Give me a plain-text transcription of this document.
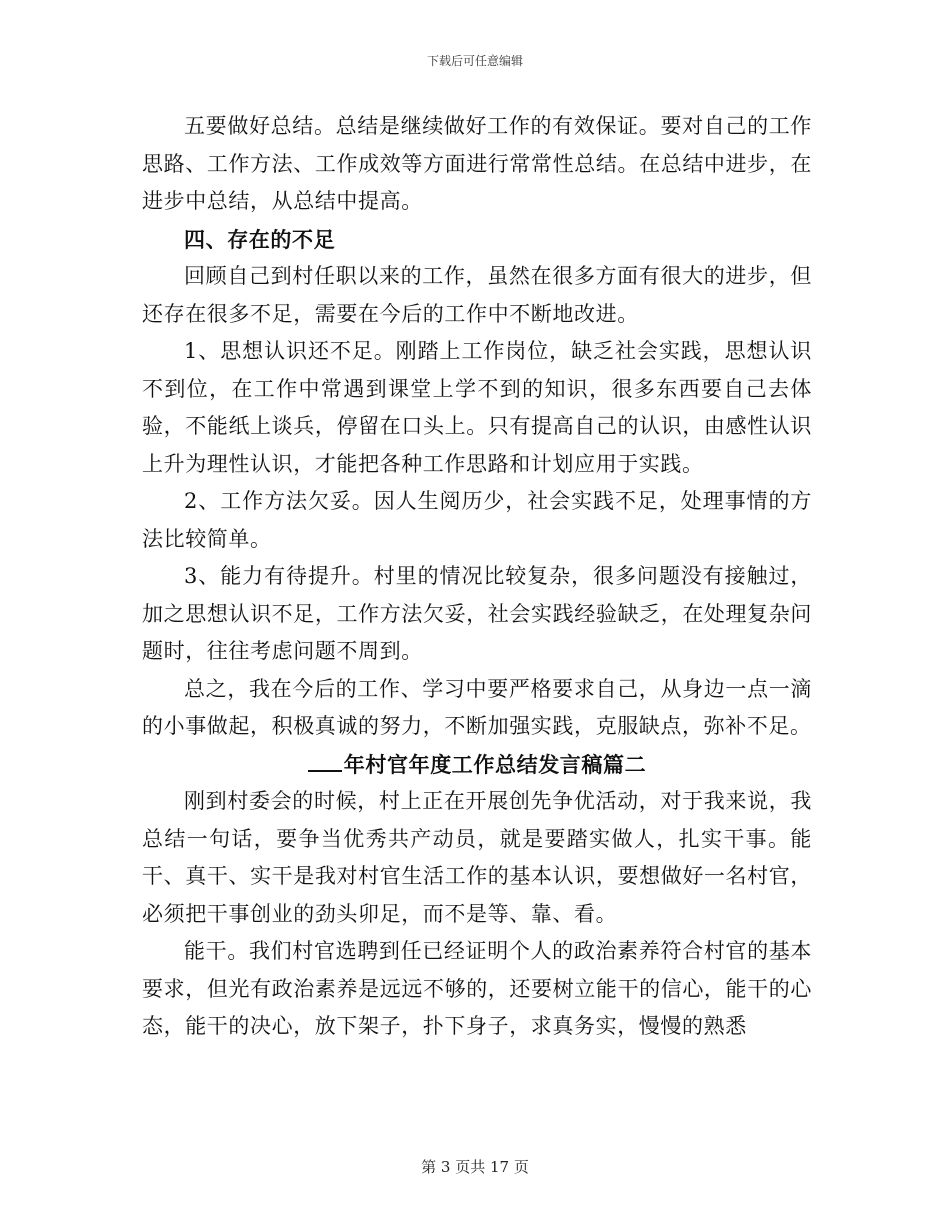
下载后可任意编辑

五要做好总结。总结是继续做好工作的有效保证。要对自己的工作思路、工作方法、工作成效等方面进行常常性总结。在总结中进步，在进步中总结，从总结中提高。

四、存在的不足

回顾自己到村任职以来的工作，虽然在很多方面有很大的进步，但还存在很多不足，需要在今后的工作中不断地改进。

1、思想认识还不足。刚踏上工作岗位，缺乏社会实践，思想认识不到位，在工作中常遇到课堂上学不到的知识，很多东西要自己去体验，不能纸上谈兵，停留在口头上。只有提高自己的认识，由感性认识上升为理性认识，才能把各种工作思路和计划应用于实践。

2、工作方法欠妥。因人生阅历少，社会实践不足，处理事情的方法比较简单。

3、能力有待提升。村里的情况比较复杂，很多问题没有接触过，加之思想认识不足，工作方法欠妥，社会实践经验缺乏，在处理复杂问题时，往往考虑问题不周到。

总之，我在今后的工作、学习中要严格要求自己，从身边一点一滴的小事做起，积极真诚的努力，不断加强实践，克服缺点，弥补不足。

年村官年度工作总结发言稿篇二

刚到村委会的时候，村上正在开展创先争优活动，对于我来说，我总结一句话，要争当优秀共产动员，就是要踏实做人，扎实干事。能干、真干、实干是我对村官生活工作的基本认识，要想做好一名村官，必须把干事创业的劲头卯足，而不是等、靠、看。

能干。我们村官选聘到任已经证明个人的政治素养符合村官的基本要求，但光有政治素养是远远不够的，还要树立能干的信心，能干的心态，能干的决心，放下架子，扑下身子，求真务实，慢慢的熟悉

第 3 页共 17 页
